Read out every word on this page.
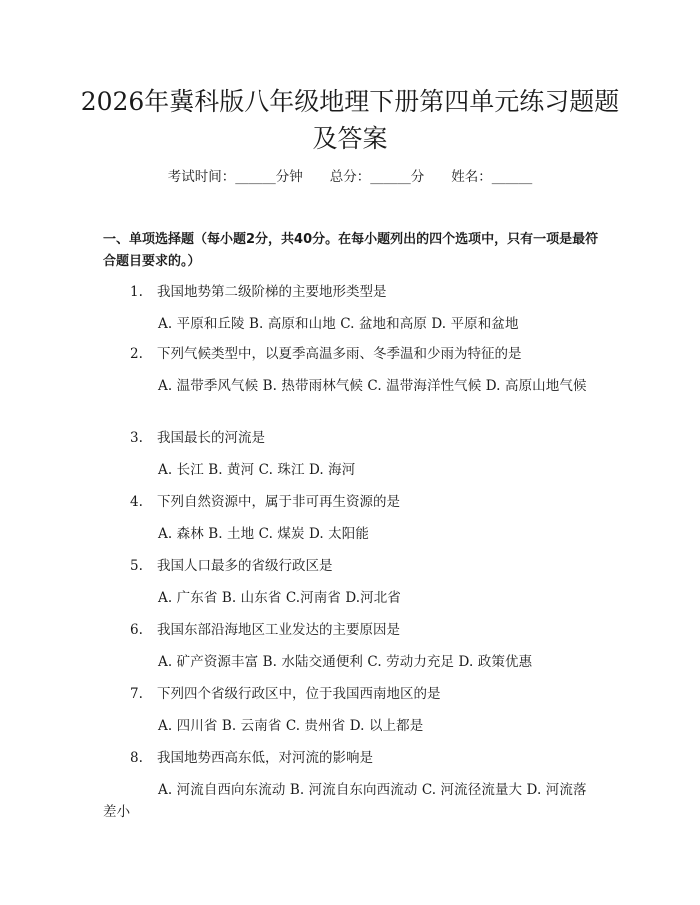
2026年冀科版八年级地理下册第四单元练习题题及答案
考试时间：______分钟　　总分：______分　　姓名：______

一、单项选择题（每小题2分，共40分。在每小题列出的四个选项中，只有一项是最符合题目要求的。）

1. 我国地势第二级阶梯的主要地形类型是
A. 平原和丘陵 B. 高原和山地 C. 盆地和高原 D. 平原和盆地
2. 下列气候类型中，以夏季高温多雨、冬季温和少雨为特征的是
A. 温带季风气候 B. 热带雨林气候 C. 温带海洋性气候 D. 高原山地气候
3. 我国最长的河流是
A. 长江 B. 黄河 C. 珠江 D. 海河
4. 下列自然资源中，属于非可再生资源的是
A. 森林 B. 土地 C. 煤炭 D. 太阳能
5. 我国人口最多的省级行政区是
A. 广东省 B. 山东省 C.河南省 D.河北省
6. 我国东部沿海地区工业发达的主要原因是
A. 矿产资源丰富 B. 水陆交通便利 C. 劳动力充足 D. 政策优惠
7. 下列四个省级行政区中，位于我国西南地区的是
A. 四川省 B. 云南省 C. 贵州省 D. 以上都是
8. 我国地势西高东低，对河流的影响是
A. 河流自西向东流动 B. 河流自东向西流动 C. 河流径流量大 D. 河流落差小
